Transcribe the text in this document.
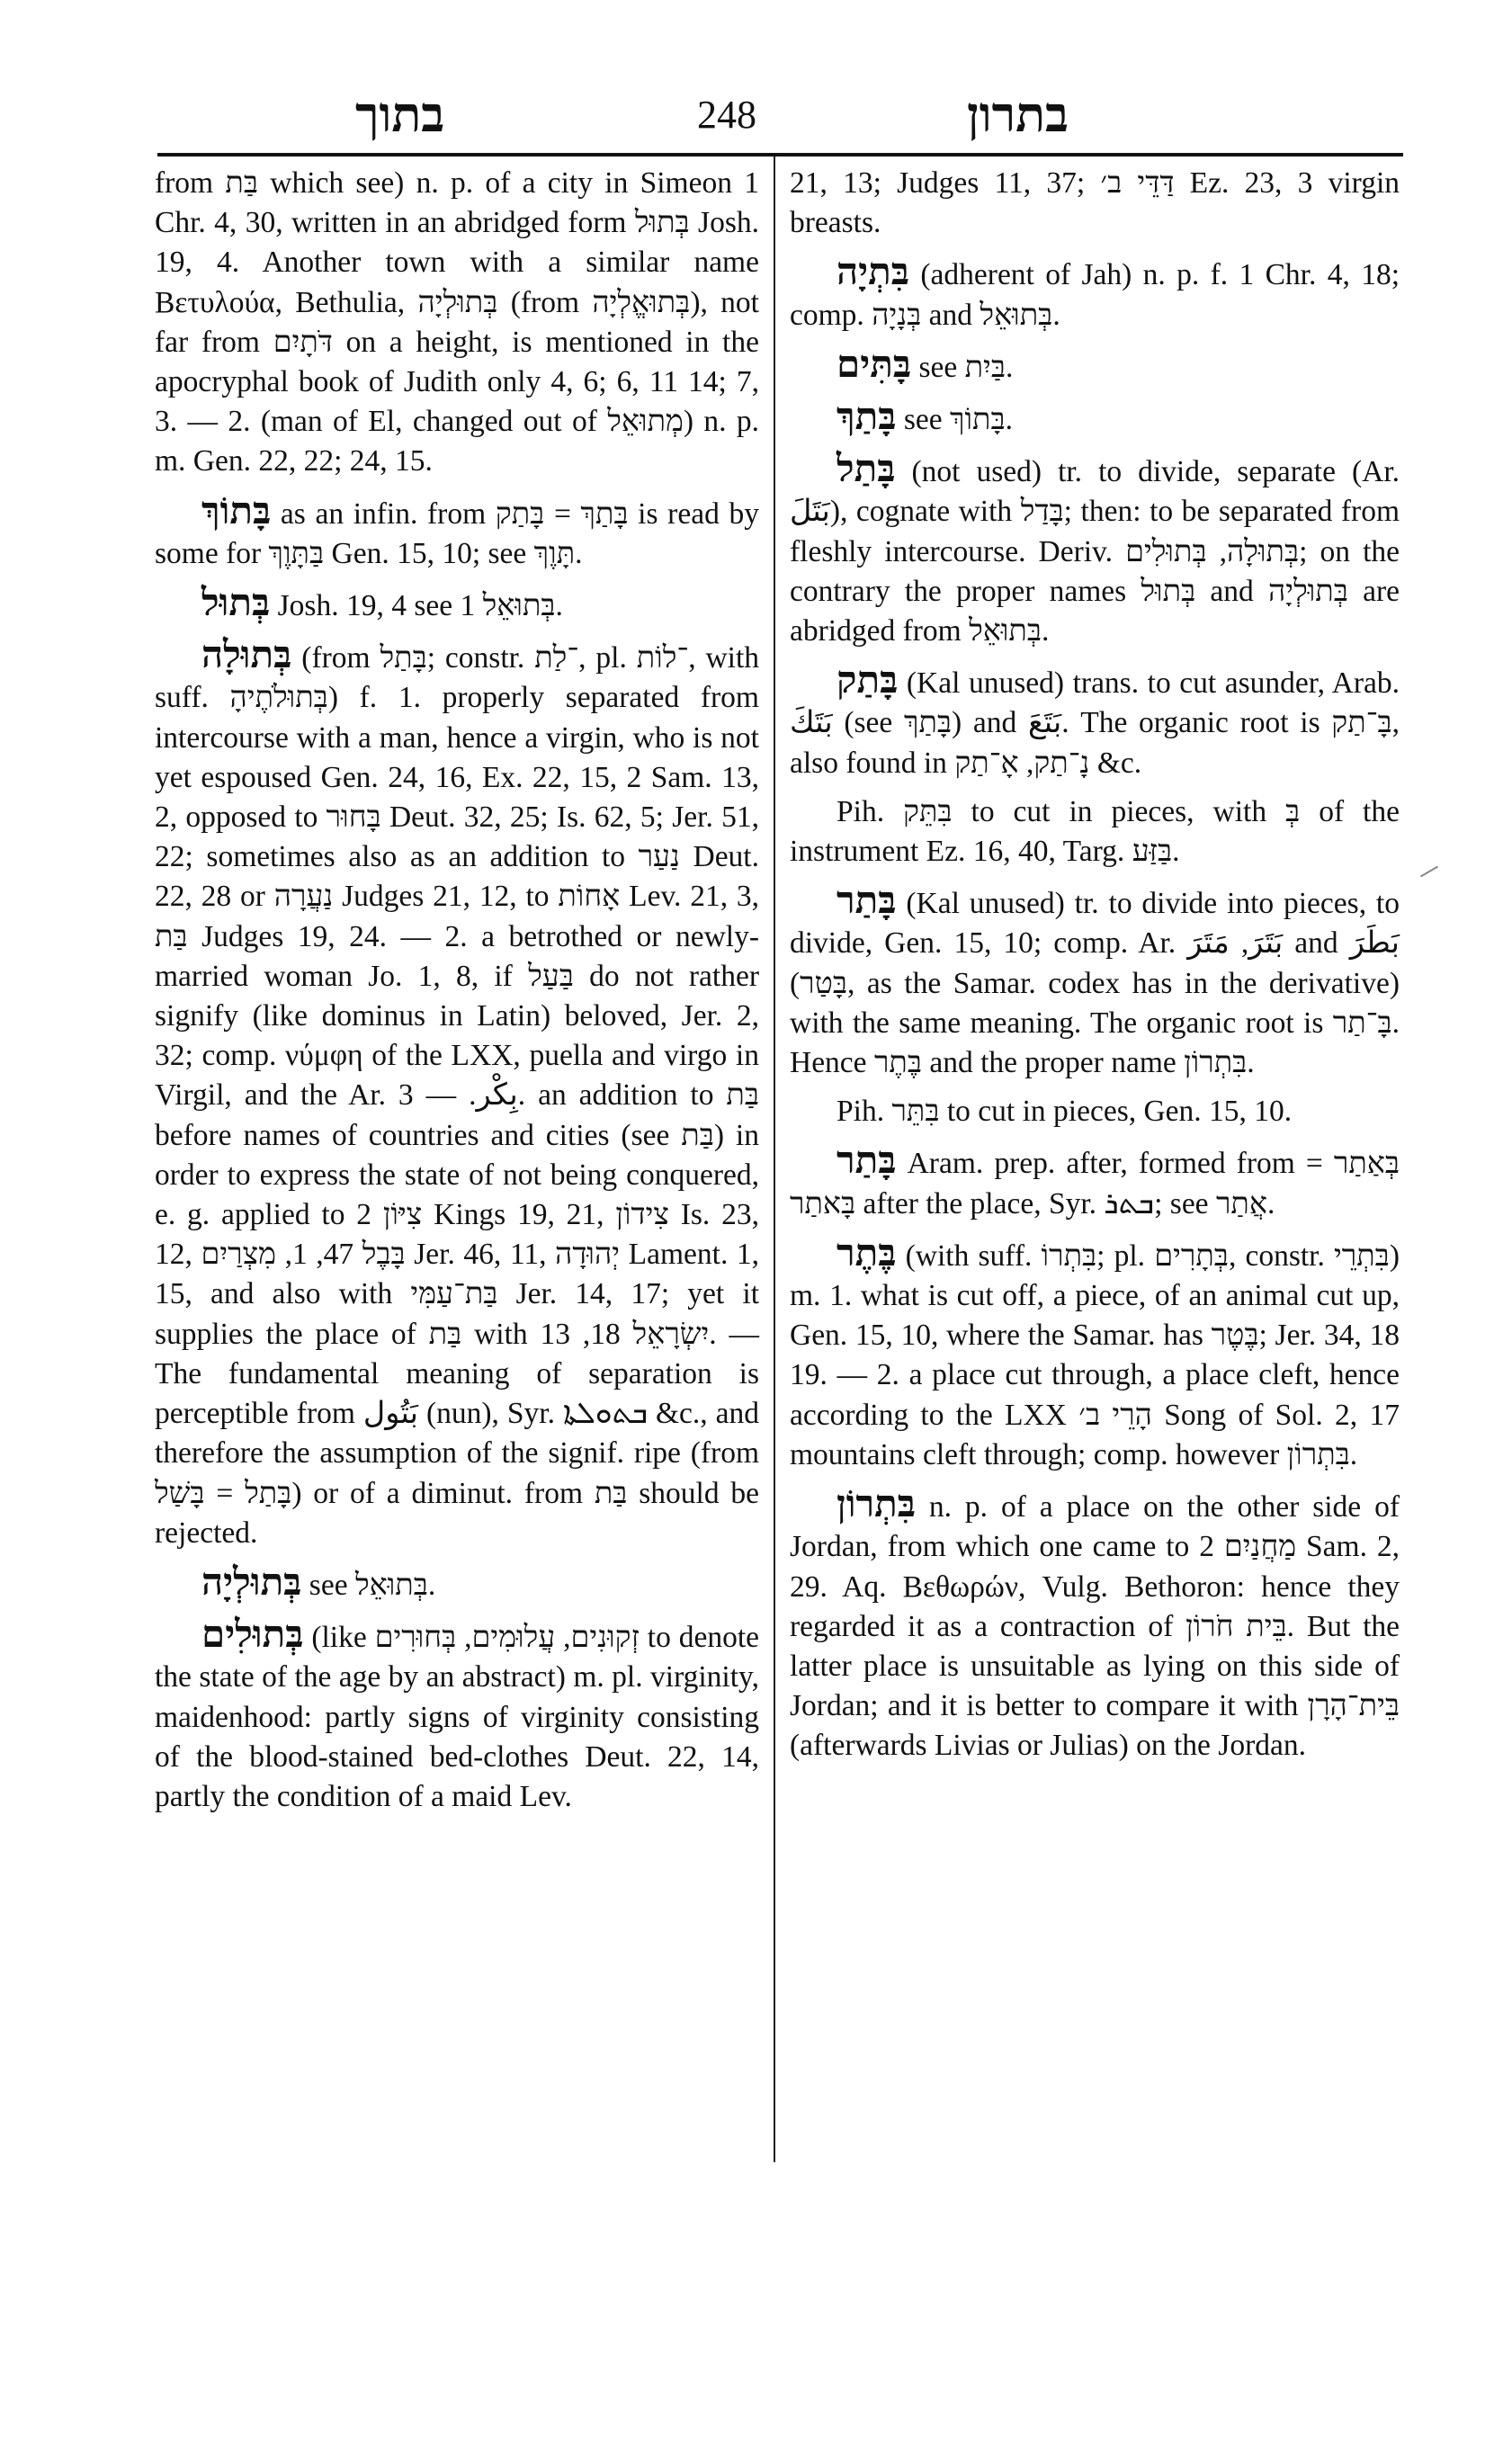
בתוך	248	בתרון

from בַּת which see) n. p. of a city in Simeon 1 Chr. 4, 30, written in an abridged form בְּתוּל Josh. 19, 4. Another town with a similar name Βετυλούα, Bethulia, בְּתוּלְיָה (from בְּתוּאֱלְיָה), not far from דֹּתָיִם on a height, is mentioned in the apocryphal book of Judith only 4, 6; 6, 11 14; 7, 3. — 2. (man of El, changed out of מְתוּאֵל) n. p. m. Gen. 22, 22; 24, 15.

בָּתוֹךְ as an infin. from בָּתַךְ = בָּתַק is read by some for בַּתָּוֶךְ Gen. 15, 10; see תָּוֶךְ.

בְּתוּל Josh. 19, 4 see בְּתוּאֵל 1.

בְּתוּלָה (from בָּתַל; constr. ־לַת, pl. ־לוֹת, with suff. בְּתוּלֹתֶיהָ) f. 1. properly separated from intercourse with a man, hence a virgin, who is not yet espoused Gen. 24, 16, Ex. 22, 15, 2 Sam. 13, 2, opposed to בָּחוּר Deut. 32, 25; Is. 62, 5; Jer. 51, 22; sometimes also as an addition to נַעַר Deut. 22, 28 or נַעֲרָה Judges 21, 12, to אָחוֹת Lev. 21, 3, בַּת Judges 19, 24. — 2. a betrothed or newly-married woman Jo. 1, 8, if בַּעַל do not rather signify (like dominus in Latin) beloved, Jer. 2, 32; comp. νύμφη of the LXX, puella and virgo in Virgil, and the Ar. بِكْر. — 3. an addition to בַּת before names of countries and cities (see בַּת) in order to express the state of not being conquered, e. g. applied to צִיּוֹן 2 Kings 19, 21, צִידוֹן Is. 23, 12, בָּבֶל 47, 1, מִצְרַיִם Jer. 46, 11, יְהוּדָה Lament. 1, 15, and also with בַּת־עַמִּי Jer. 14, 17; yet it supplies the place of בַּת with יִשְׂרָאֵל 18, 13. — The fundamental meaning of separation is perceptible from بَتُول (nun), Syr. ܒܬܘܠܬܐ &c., and therefore the assumption of the signif. ripe (from בָּתַל = בָּשַׁל) or of a diminut. from בַּת should be rejected.

בְּתוּלְיָה see בְּתוּאֵל.

בְּתוּלִים (like זְקוּנִים, עֲלוּמִים, בְּחוּרִים to denote the state of the age by an abstract) m. pl. virginity, maidenhood: partly signs of virginity consisting of the blood-stained bed-clothes Deut. 22, 14, partly the condition of a maid Lev.

21, 13; Judges 11, 37; דַּדֵּי ב׳ Ez. 23, 3 virgin breasts.

בִּתְיָה (adherent of Jah) n. p. f. 1 Chr. 4, 18; comp. בְּנָיָה and בְּתוּאֵל.

בָּתִּים see בַּיִת.

בָּתַךְ see בָּתוֹךְ.

בָּתַל (not used) tr. to divide, separate (Ar. بَتَلَ), cognate with בָּדַל; then: to be separated from fleshly intercourse. Deriv. בְּתוּלָה, בְּתוּלִים; on the contrary the proper names בְּתוּל and בְּתוּלְיָה are abridged from בְּתוּאֵל.

בָּתַק (Kal unused) trans. to cut asunder, Arab. بَتَكَ (see בָּתַךְ) and بَتَعَ. The organic root is בָּ־תַק, also found in נָ־תַק, אָ־תַק &c.

Pih. בִּתֵּק to cut in pieces, with בְּ of the instrument Ez. 16, 40, Targ. בַּזַּע.

בָּתַר (Kal unused) tr. to divide into pieces, to divide, Gen. 15, 10; comp. Ar. بَتَرَ, مَتَرَ and بَطَرَ (בָּטַר, as the Samar. codex has in the derivative) with the same meaning. The organic root is בָּ־תַר. Hence בֶּתֶר and the proper name בִּתְרוֹן.

Pih. בִּתֵּר to cut in pieces, Gen. 15, 10.

בָּתַר Aram. prep. after, formed from בְּאַתַר = בָּאתַר after the place, Syr. ܒܬܪ; see אֲתַר.

בֶּתֶר (with suff. בִּתְרוֹ; pl. בְּתָרִים, constr. בִּתְרֵי) m. 1. what is cut off, a piece, of an animal cut up, Gen. 15, 10, where the Samar. has בֶּטֶר; Jer. 34, 18 19. — 2. a place cut through, a place cleft, hence according to the LXX הָרֵי ב׳ Song of Sol. 2, 17 mountains cleft through; comp. however בִּתְרוֹן.

בִּתְרוֹן n. p. of a place on the other side of Jordan, from which one came to מַחֲנַיִם 2 Sam. 2, 29. Aq. Βεθωρών, Vulg. Bethoron: hence they regarded it as a contraction of בֵּית חֹרוֹן. But the latter place is unsuitable as lying on this side of Jordan; and it is better to compare it with בֵּית־הָרָן (afterwards Livias or Julias) on the Jordan.
